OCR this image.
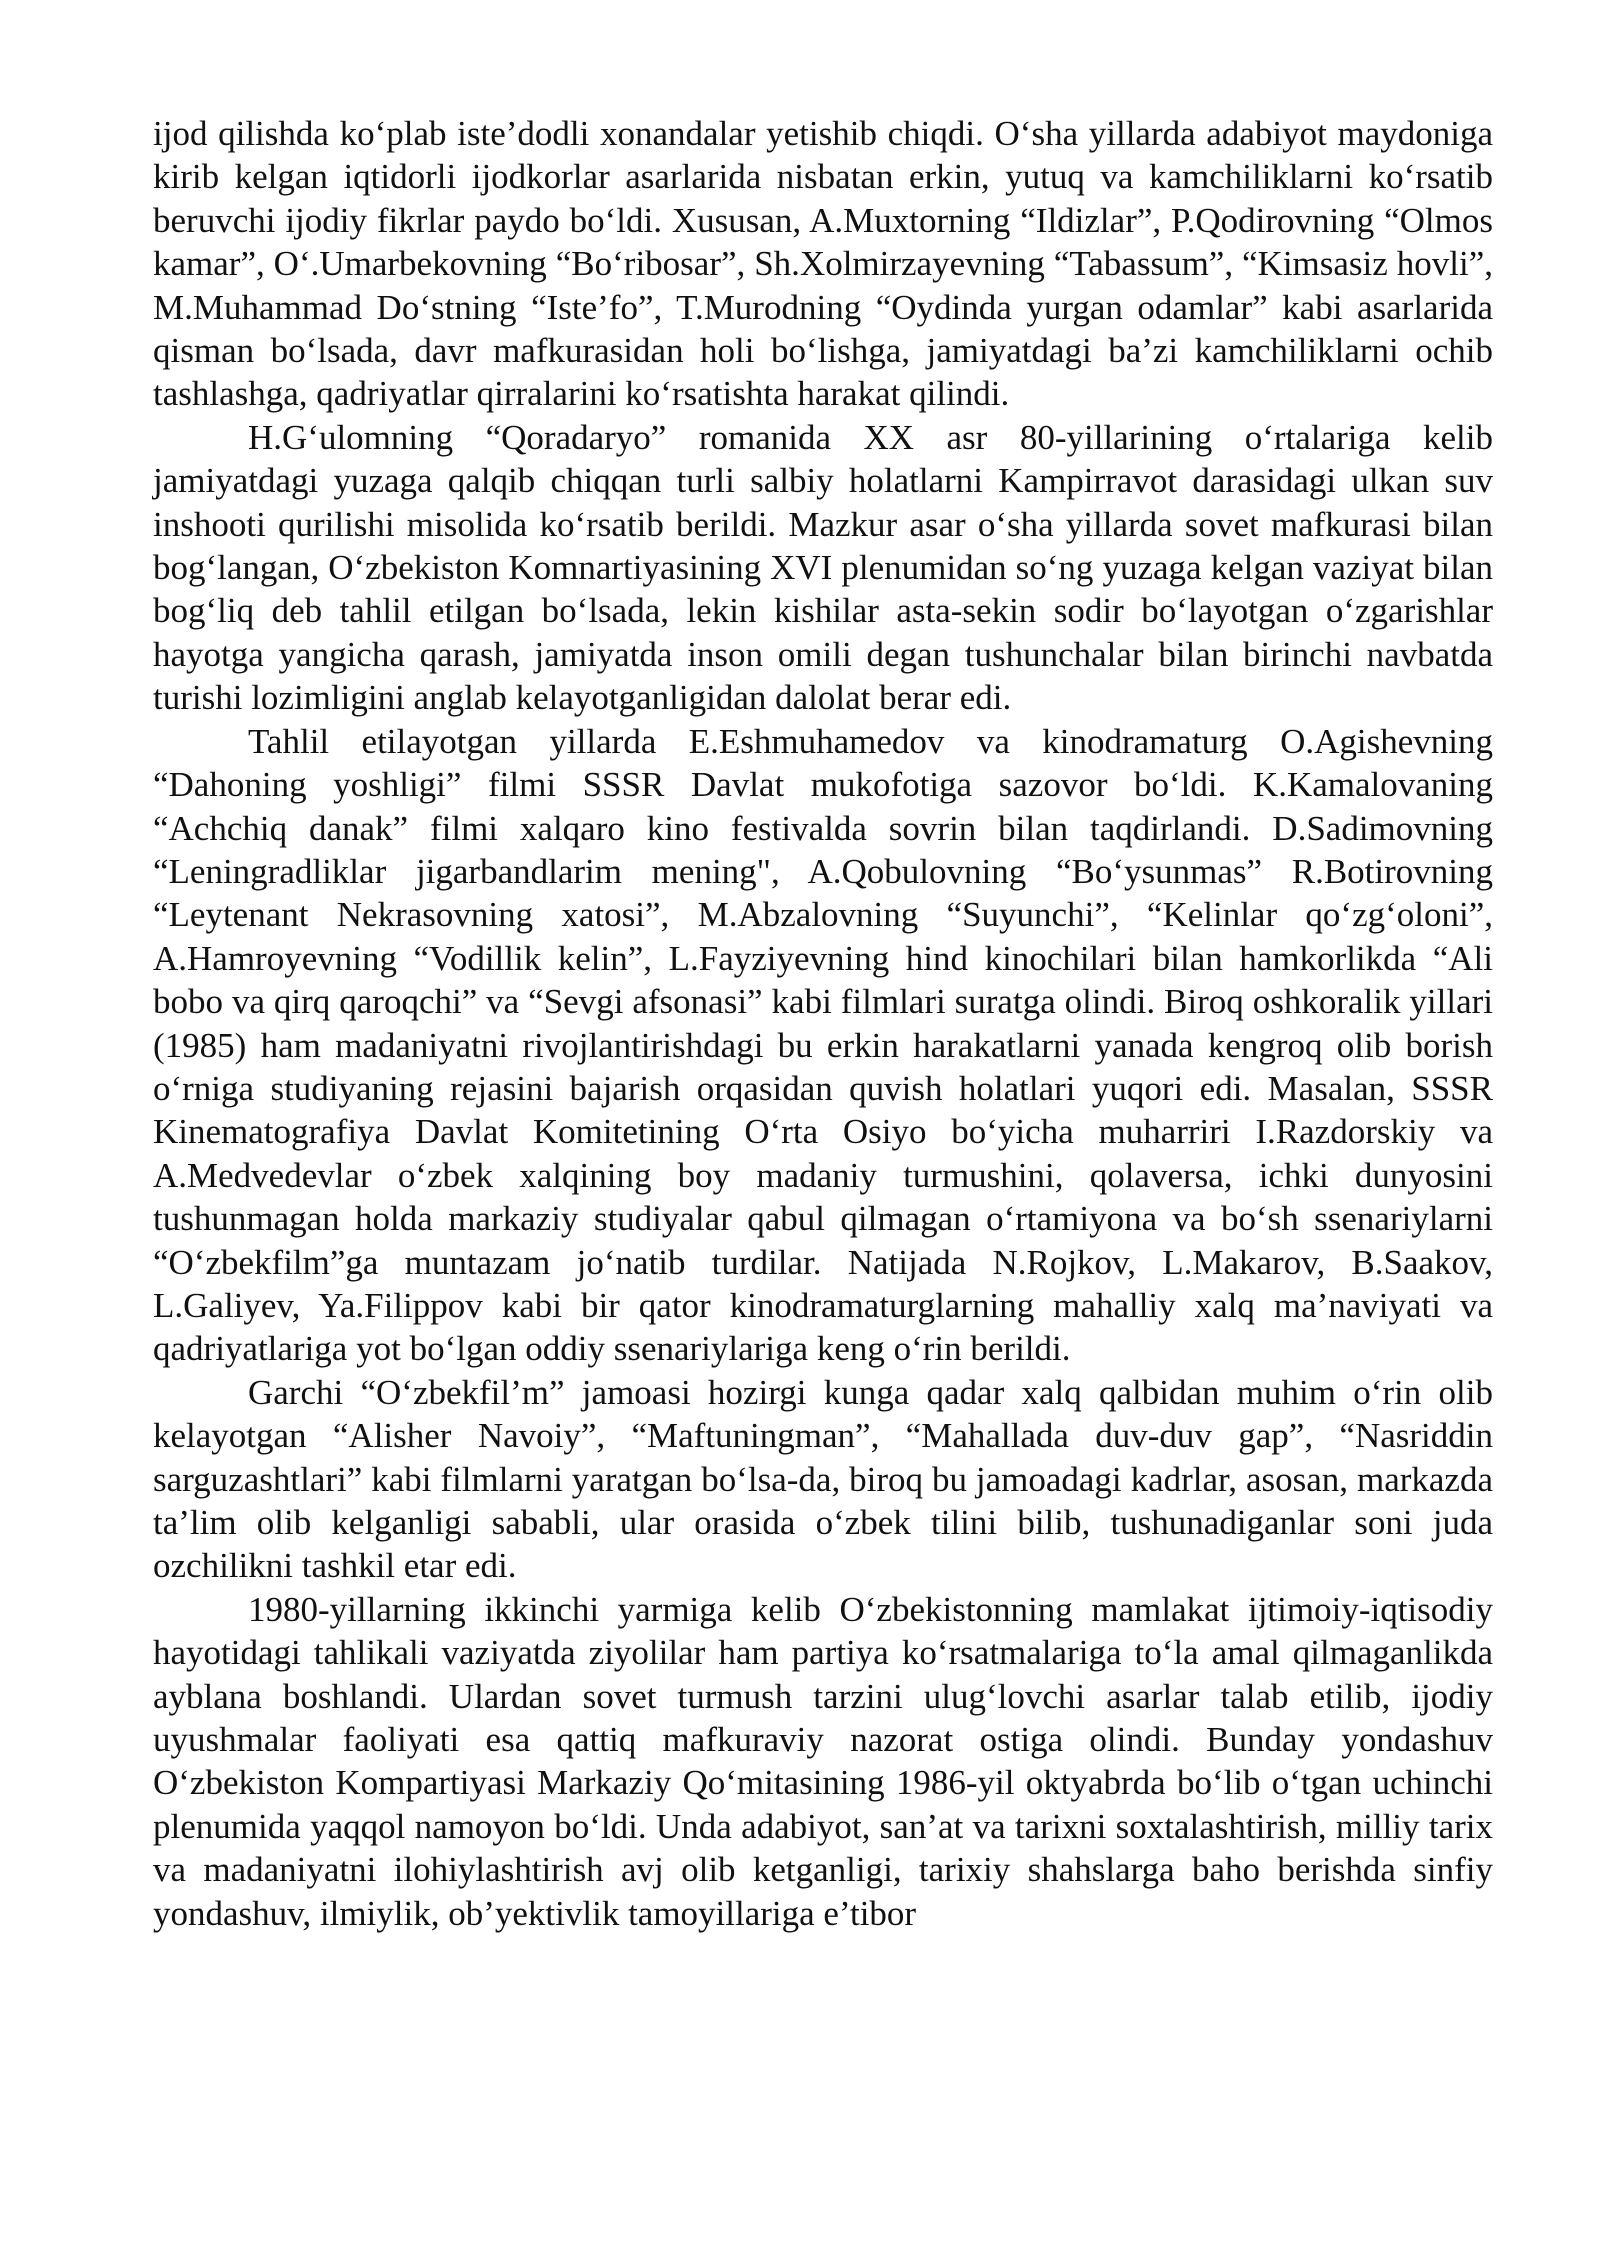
ijod qilishda ko‘plab iste’dodli xonandalar yetishib chiqdi. O‘sha yillarda adabiyot maydoniga kirib kelgan iqtidorli ijodkorlar asarlarida nisbatan erkin, yutuq va kamchiliklarni ko‘rsatib beruvchi ijodiy fikrlar paydo bo‘ldi. Xususan, A.Muxtorning “Ildizlar”, P.Qodirovning “Olmos kamar”, O‘.Umarbekovning “Bo‘ribosar”, Sh.Xolmirzayevning “Tabassum”, “Kimsasiz hovli”, M.Muhammad Do‘stning “Iste’fo”, T.Murodning “Oydinda yurgan odamlar” kabi asarlarida qisman bo‘lsada, davr mafkurasidan holi bo‘lishga, jamiyatdagi ba’zi kamchiliklarni ochib tashlashga, qadriyatlar qirralarini ko‘rsatishta harakat qilindi.

H.G‘ulomning “Qoradaryo” romanida XX asr 80-yillarining o‘rtalariga kelib jamiyatdagi yuzaga qalqib chiqqan turli salbiy holatlarni Kampirravot darasidagi ulkan suv inshooti qurilishi misolida ko‘rsatib berildi. Mazkur asar o‘sha yillarda sovet mafkurasi bilan bog‘langan, O‘zbekiston Komnartiyasining XVI plenumidan so‘ng yuzaga kelgan vaziyat bilan bog‘liq deb tahlil etilgan bo‘lsada, lekin kishilar asta-sekin sodir bo‘layotgan o‘zgarishlar hayotga yangicha qarash, jamiyatda inson omili degan tushunchalar bilan birinchi navbatda turishi lozimligini anglab kelayotganligidan dalolat berar edi.

Tahlil etilayotgan yillarda E.Eshmuhamedov va kinodramaturg O.Agishevning “Dahoning yoshligi” filmi SSSR Davlat mukofotiga sazovor bo‘ldi. K.Kamalovaning “Achchiq danak” filmi xalqaro kino festivalda sovrin bilan taqdirlandi. D.Sadimovning “Leningradliklar jigarbandlarim mening", A.Qobulovning “Bo‘ysunmas” R.Botirovning “Leytenant Nekrasovning xatosi”, M.Abzalovning “Suyunchi”, “Kelinlar qo‘zg‘oloni”, A.Hamroyevning “Vodillik kelin”, L.Fayziyevning hind kinochilari bilan hamkorlikda “Ali bobo va qirq qaroqchi” va “Sevgi afsonasi” kabi filmlari suratga olindi. Biroq oshkoralik yillari (1985) ham madaniyatni rivojlantirishdagi bu erkin harakatlarni yanada kengroq olib borish o‘rniga studiyaning rejasini bajarish orqasidan quvish holatlari yuqori edi. Masalan, SSSR Kinematografiya Davlat Komitetining O‘rta Osiyo bo‘yicha muharriri I.Razdorskiy va A.Medvedevlar o‘zbek xalqining boy madaniy turmushini, qolaversa, ichki dunyosini tushunmagan holda markaziy studiyalar qabul qilmagan o‘rtamiyona va bo‘sh ssenariylarni “O‘zbekfilm”ga muntazam jo‘natib turdilar. Natijada N.Rojkov, L.Makarov, B.Saakov, L.Galiyev, Ya.Filippov kabi bir qator kinodramaturglarning mahalliy xalq ma’naviyati va qadriyatlariga yot bo‘lgan oddiy ssenariylariga keng o‘rin berildi.

Garchi “O‘zbekfil’m” jamoasi hozirgi kunga qadar xalq qalbidan muhim o‘rin olib kelayotgan “Alisher Navoiy”, “Maftuningman”, “Mahallada duv-duv gap”, “Nasriddin sarguzashtlari” kabi filmlarni yaratgan bo‘lsa-da, biroq bu jamoadagi kadrlar, asosan, markazda ta’lim olib kelganligi sababli, ular orasida o‘zbek tilini bilib, tushunadiganlar soni juda ozchilikni tashkil etar edi.

1980-yillarning ikkinchi yarmiga kelib O‘zbekistonning mamlakat ijtimoiy-iqtisodiy hayotidagi tahlikali vaziyatda ziyolilar ham partiya ko‘rsatmalariga to‘la amal qilmaganlikda ayblana boshlandi. Ulardan sovet turmush tarzini ulug‘lovchi asarlar talab etilib, ijodiy uyushmalar faoliyati esa qattiq mafkuraviy nazorat ostiga olindi. Bunday yondashuv O‘zbekiston Kompartiyasi Markaziy Qo‘mitasining 1986-yil oktyabrda bo‘lib o‘tgan uchinchi plenumida yaqqol namoyon bo‘ldi. Unda adabiyot, san’at va tarixni soxtalashtirish, milliy tarix va madaniyatni ilohiylashtirish avj olib ketganligi, tarixiy shahslarga baho berishda sinfiy yondashuv, ilmiylik, ob’yektivlik tamoyillariga e’tibor
